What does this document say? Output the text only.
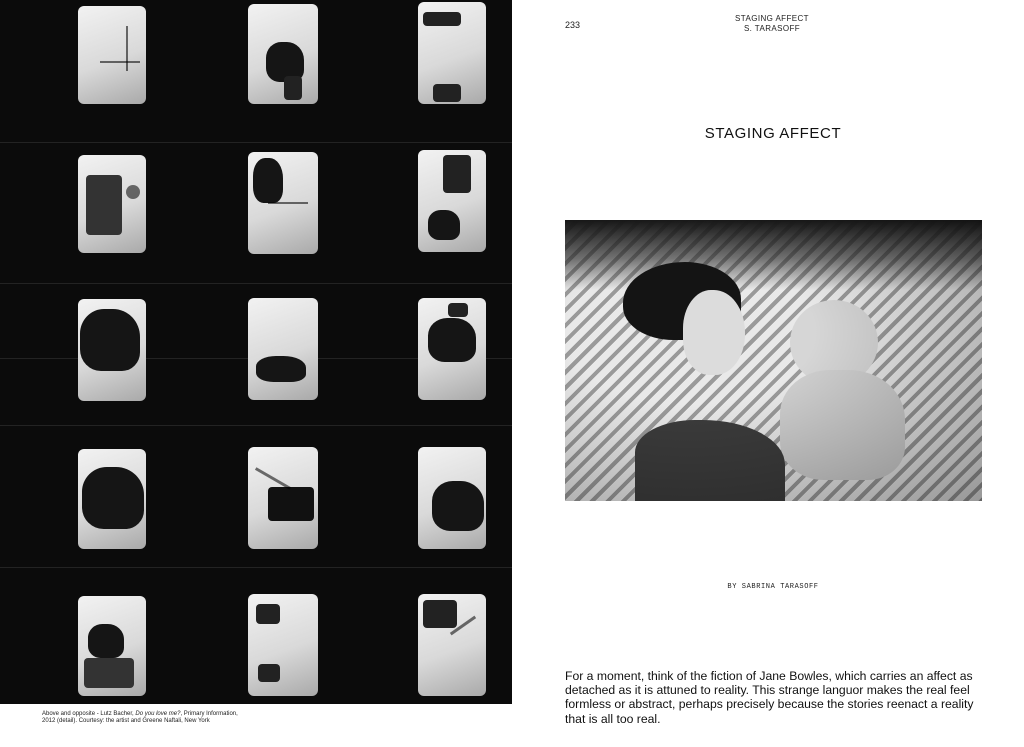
Above and opposite - Lutz Bacher, Do you love me?, Primary Information,
2012 (detail). Courtesy: the artist and Greene Naftali, New York
233
STAGING AFFECT
S. TARASOFF
STAGING AFFECT
BY SABRINA TARASOFF
For a moment, think of the fiction of Jane Bowles, which carries an affect as detached as it is attuned to reality. This strange languor makes the real feel formless or abstract, perhaps precisely because the stories reenact a reality that is all too real.
